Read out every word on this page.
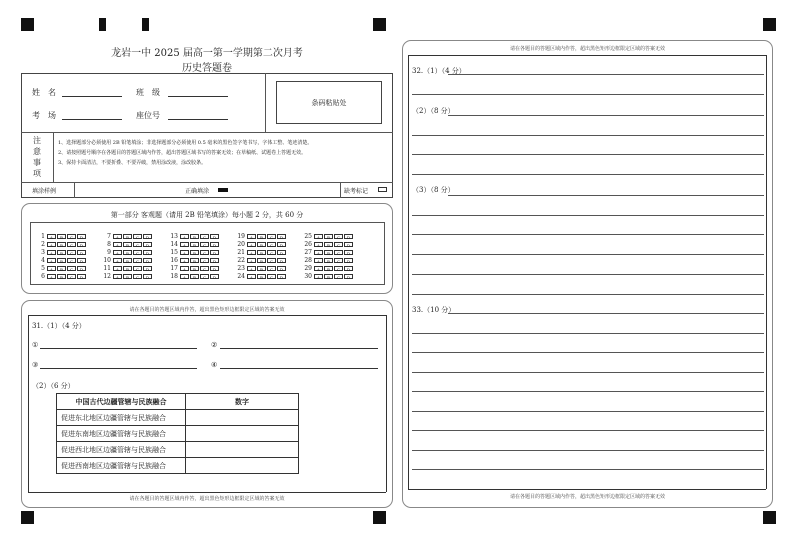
龙岩一中 2025 届高一第一学期第二次月考
历史答题卷
姓　名	班　级
考　场	座位号
条码粘贴处
注
意
事
项
1、选择题部分必须使用 2B 铅笔填涂；非选择题部分必须使用 0.5 毫米的黑色签字笔书写，字体工整、笔迹清楚。
2、请按照题号顺序在各题目的答题区域内作答，超出答题区域书写的答案无效；在草稿纸、试题卷上答题无效。
3、保持卡面清洁，不要折叠、不要弄破，禁用涂改液，涂改胶条。
填涂样例	正确填涂	缺考标记
第一部分 客观题（请用 2B 铅笔填涂）每小题 2 分，共 60 分
1 A B C D
2 A B C D
3 A B C D
4 A B C D
5 A B C D
6 A B C D
7 A B C D
8 A B C D
9 A B C D
10 A B C D
11 A B C D
12 A B C D
13 A B C D
14 A B C D
15 A B C D
16 A B C D
17 A B C D
18 A B C D
19 A B C D
20 A B C D
21 A B C D
22 A B C D
23 A B C D
24 A B C D
25 A B C D
26 A B C D
27 A B C D
28 A B C D
29 A B C D
30 A B C D
请在各题目的答题区域内作答，超出黑色矩形边框限定区域的答案无效
请在各题目的答题区域内作答，超出黑色矩形边框限定区域的答案无效
31.（1）（4 分）
①	②
③	④
（2）（6 分）
中国古代边疆管辖与民族融合	数字
促进东北地区边疆管辖与民族融合	
促进东南地区边疆管辖与民族融合	
促进西北地区边疆管辖与民族融合	
促进西南地区边疆管辖与民族融合	
请在各题目的答题区域内作答，超出黑色矩形边框限定区域的答案无效
请在各题目的答题区域内作答，超出黑色矩形边框限定区域的答案无效
32.（1）（4 分）
（2）（8 分）
（3）（8 分）
33.（10 分）
